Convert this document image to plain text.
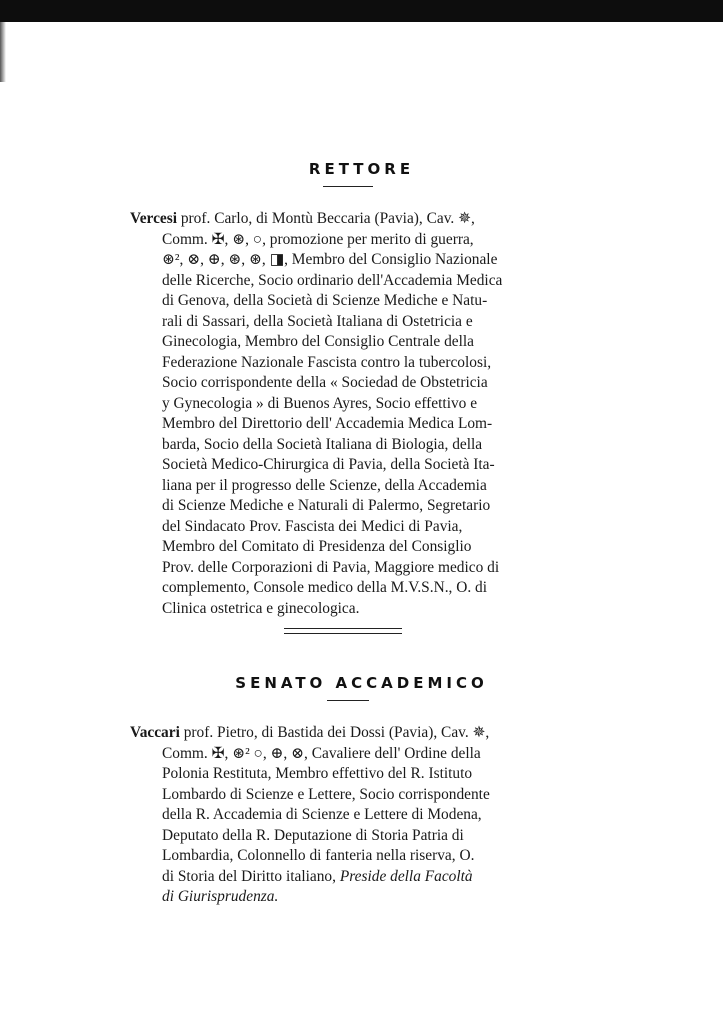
RETTORE
Vercesi prof. Carlo, di Montù Beccaria (Pavia), Cav. ✵,
Comm. ✠, ⊛, ○, promozione per merito di guerra,
⊛², ⊗, ⊕, ⊛, ⊛, ◨, Membro del Consiglio Nazionale
delle Ricerche, Socio ordinario dell'Accademia Medica
di Genova, della Società di Scienze Mediche e Natu-
rali di Sassari, della Società Italiana di Ostetricia e
Ginecologia, Membro del Consiglio Centrale della
Federazione Nazionale Fascista contro la tubercolosi,
Socio corrispondente della « Sociedad de Obstetricia
y Gynecologia » di Buenos Ayres, Socio effettivo e
Membro del Direttorio dell' Accademia Medica Lom-
barda, Socio della Società Italiana di Biologia, della
Società Medico-Chirurgica di Pavia, della Società Ita-
liana per il progresso delle Scienze, della Accademia
di Scienze Mediche e Naturali di Palermo, Segretario
del Sindacato Prov. Fascista dei Medici di Pavia,
Membro del Comitato di Presidenza del Consiglio
Prov. delle Corporazioni di Pavia, Maggiore medico di
complemento, Console medico della M.V.S.N., O. di
Clinica ostetrica e ginecologica.
SENATO ACCADEMICO
Vaccari prof. Pietro, di Bastida dei Dossi (Pavia), Cav. ✵,
Comm. ✠, ⊛² ○, ⊕, ⊗, Cavaliere dell' Ordine della
Polonia Restituta, Membro effettivo del R. Istituto
Lombardo di Scienze e Lettere, Socio corrispondente
della R. Accademia di Scienze e Lettere di Modena,
Deputato della R. Deputazione di Storia Patria di
Lombardia, Colonnello di fanteria nella riserva, O.
di Storia del Diritto italiano, Preside della Facoltà
di Giurisprudenza.
